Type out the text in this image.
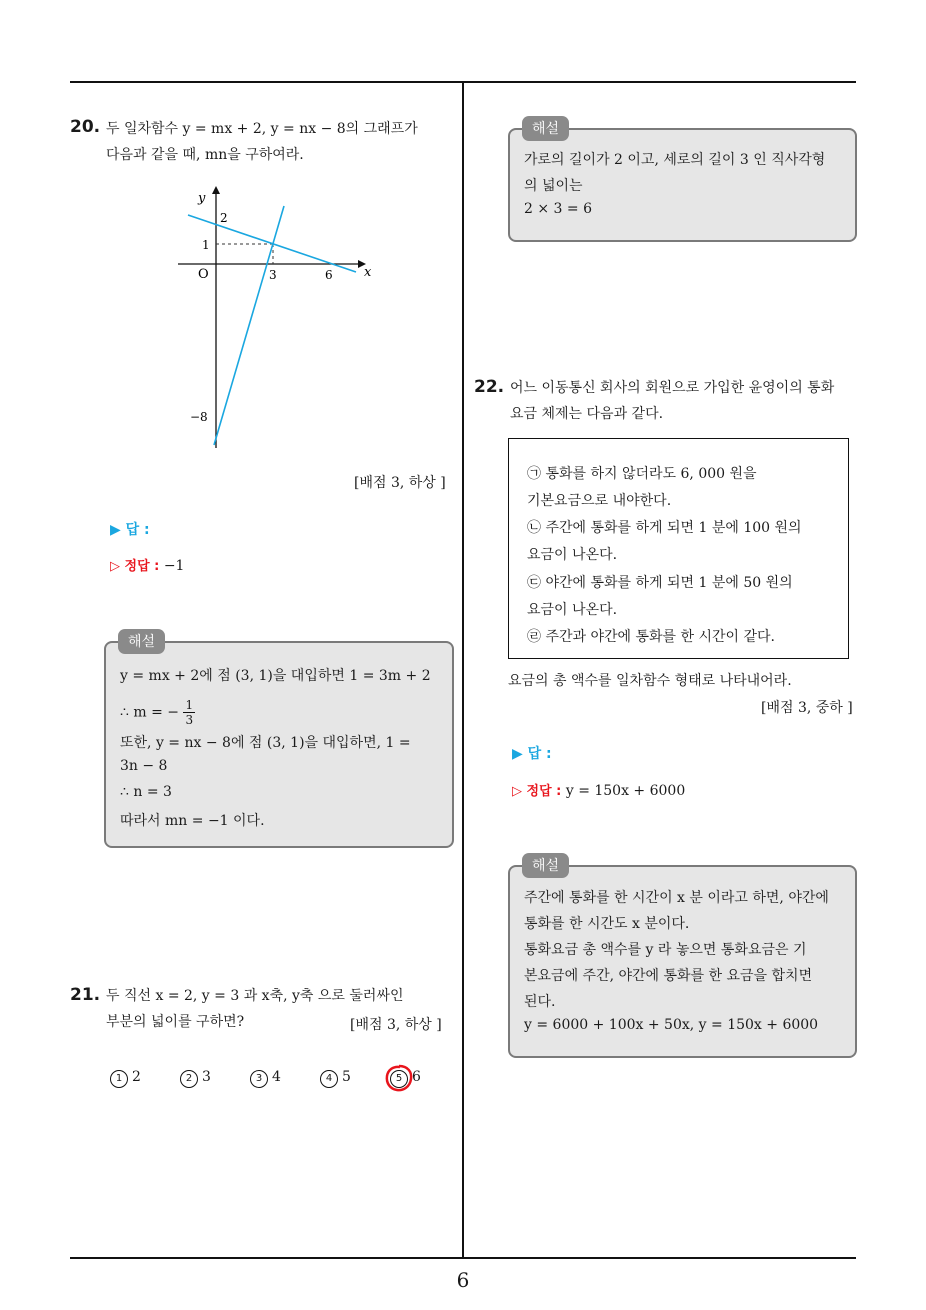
20. 두 일차함수 y = mx + 2, y = nx − 8의 그래프가
다음과 같을 때, mn을 구하여라.
y
x
O
2
1
3	6
−8
[배점 3, 하상 ]
▶ 답 :
▷ 정답 : −1
해설
y = mx + 2에 점 (3, 1)을 대입하면 1 = 3m + 2
∴ m = − $\frac{1}{3}$
또한, y = nx − 8에 점 (3, 1)을 대입하면, 1 =
3n − 8
∴ n = 3
따라서 mn = −1 이다.
21. 두 직선 x = 2, y = 3 과 x축, y축 으로 둘러싸인
부분의 넓이를 구하면?	[배점 3, 하상 ]
1 2	2 3	3 4	4 5	5 6
해설
가로의 길이가 2 이고, 세로의 길이 3 인 직사각형
의 넓이는
2 × 3 = 6
22. 어느 이동통신 회사의 회원으로 가입한 윤영이의 통화
요금 체제는 다음과 같다.
㉠ 통화를 하지 않더라도 6, 000 원을
기본요금으로 내야한다.
㉡ 주간에 통화를 하게 되면 1 분에 100 원의
요금이 나온다.
㉢ 야간에 통화를 하게 되면 1 분에 50 원의
요금이 나온다.
㉣ 주간과 야간에 통화를 한 시간이 같다.
요금의 총 액수를 일차함수 형태로 나타내어라.
[배점 3, 중하 ]
▶ 답 :
▷ 정답 : y = 150x + 6000
해설
주간에 통화를 한 시간이 x 분 이라고 하면, 야간에
통화를 한 시간도 x 분이다.
통화요금 총 액수를 y 라 놓으면 통화요금은 기
본요금에 주간, 야간에 통화를 한 요금을 합치면
된다.
y = 6000 + 100x + 50x, y = 150x + 6000
6
